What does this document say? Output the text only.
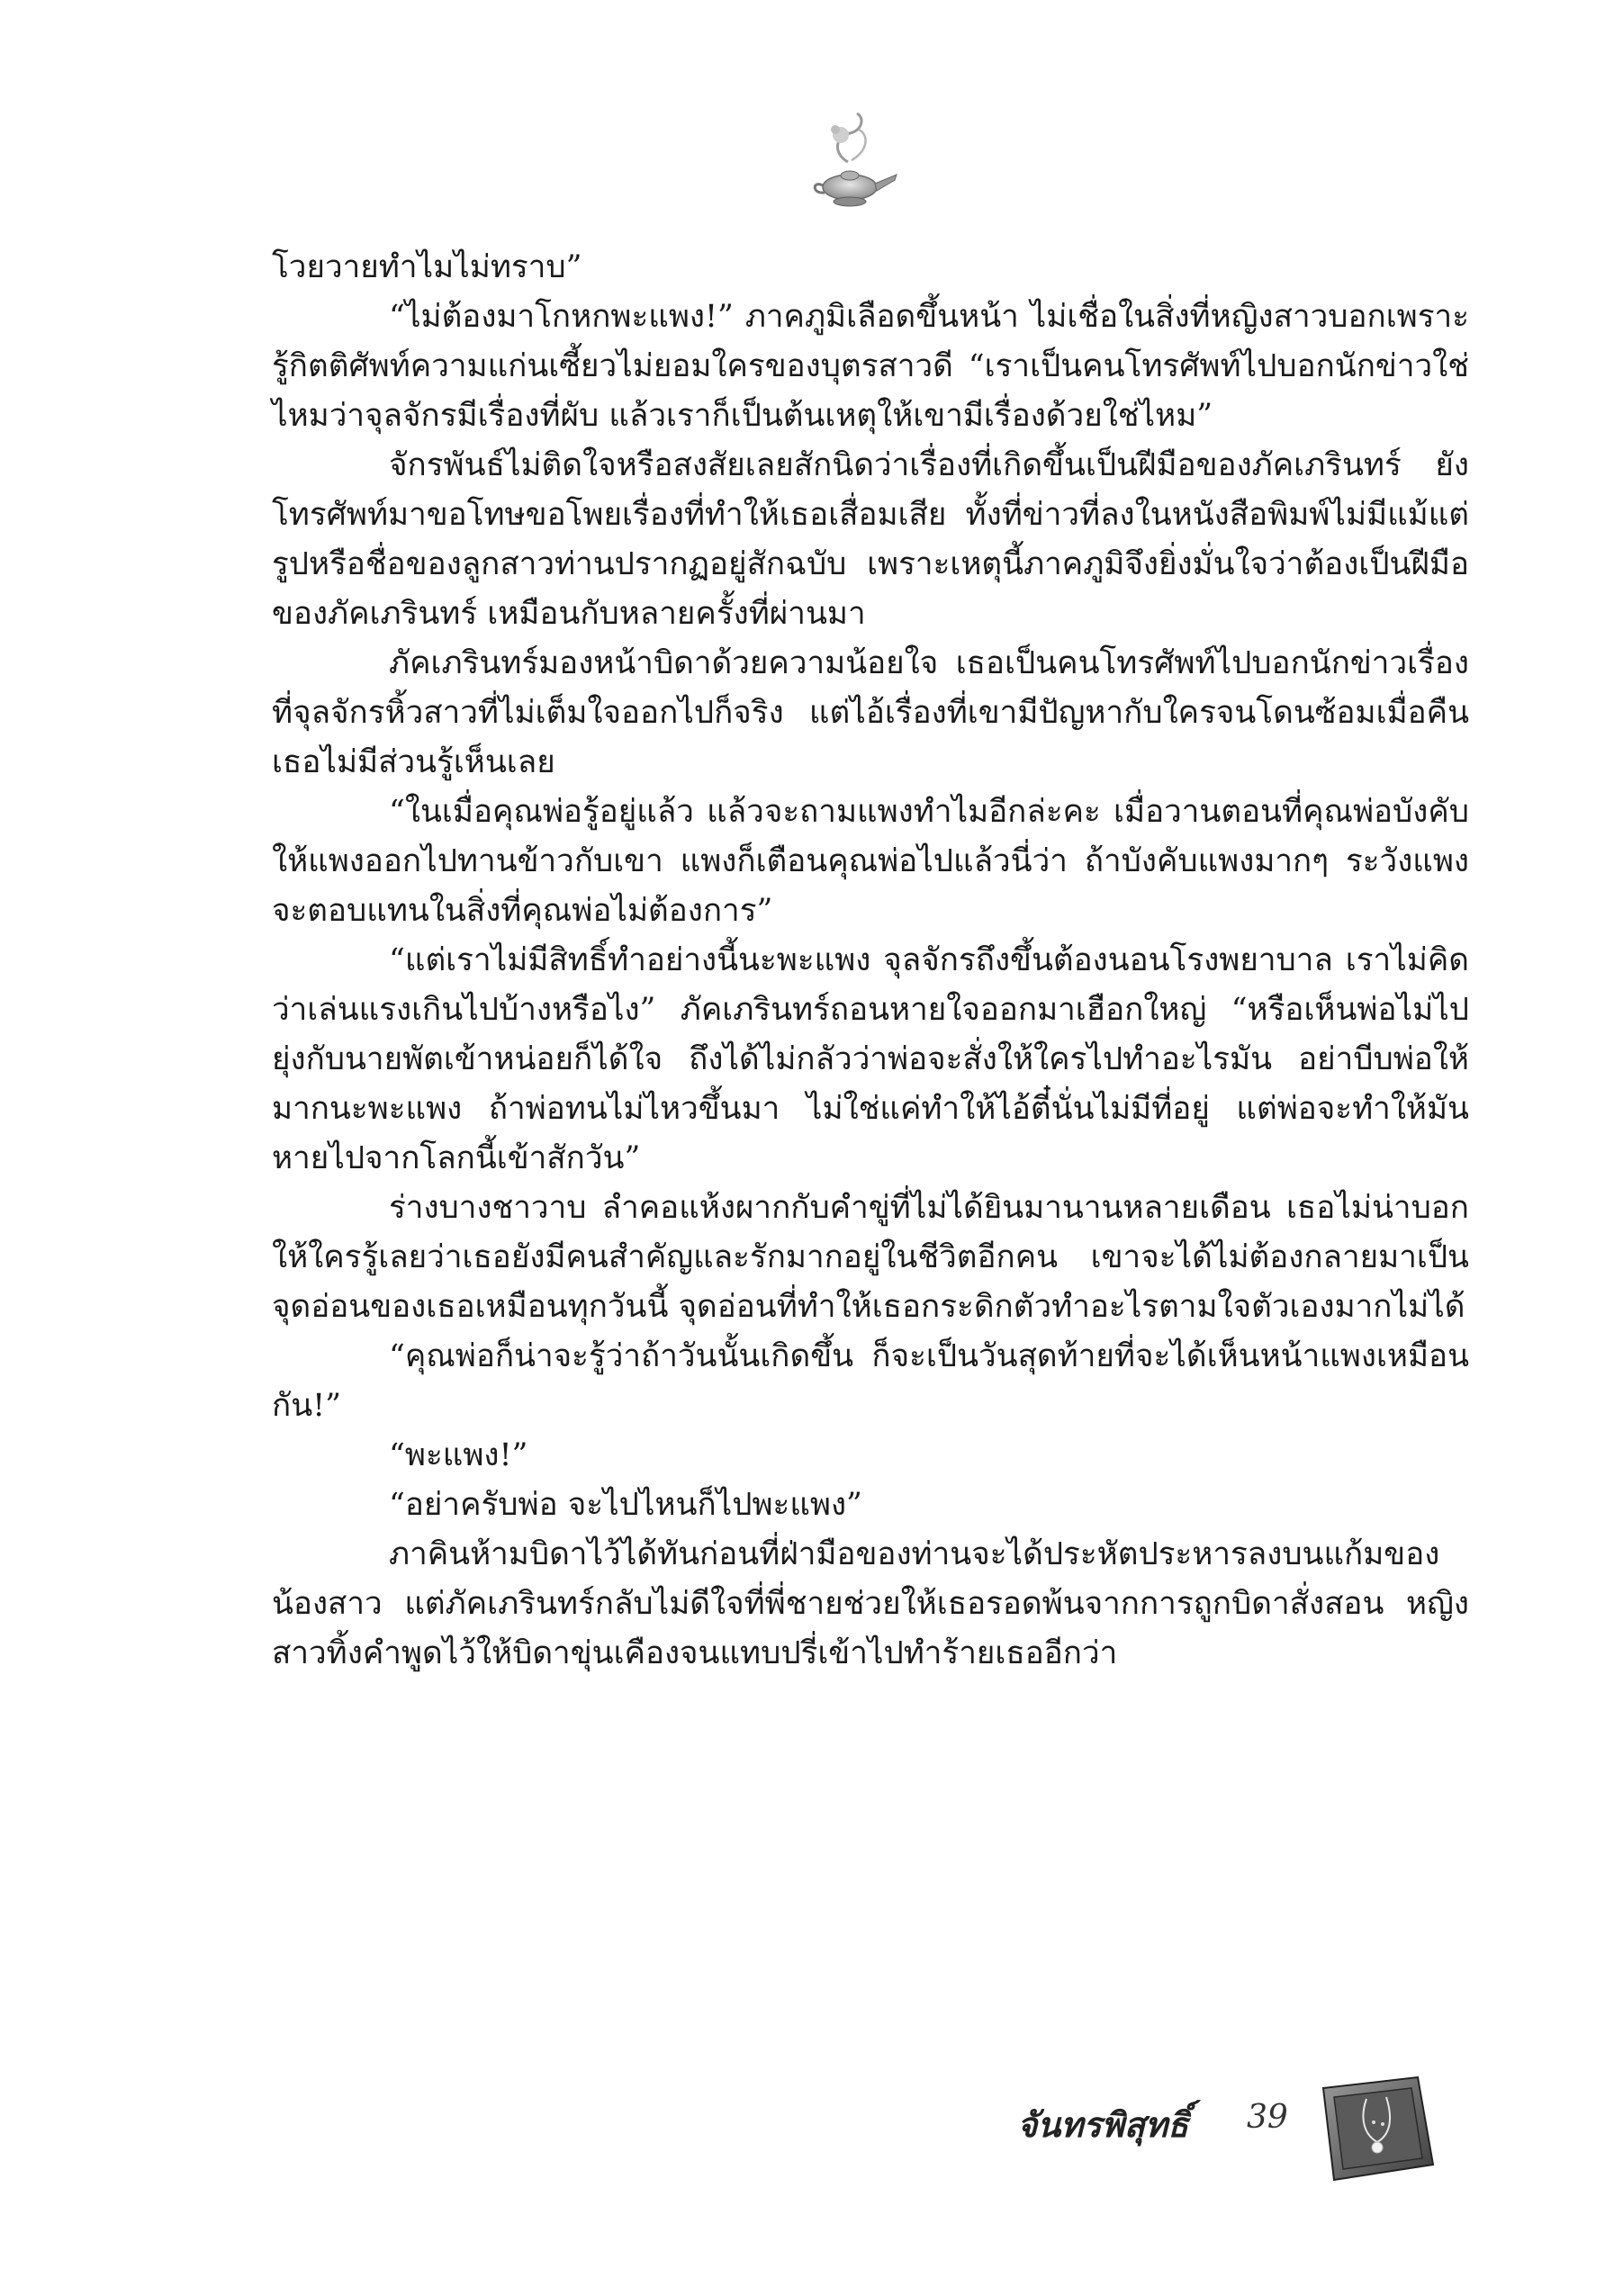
โวยวายทำไมไม่ทราบ”

“ไม่ต้องมาโกหกพะแพง!” ภาคภูมิเลือดขึ้นหน้า ไม่เชื่อในสิ่งที่หญิงสาวบอกเพราะรู้กิตติศัพท์ความแก่นเซี้ยวไม่ยอมใครของบุตรสาวดี “เราเป็นคนโทรศัพท์ไปบอกนักข่าวใช่ไหมว่าจุลจักรมีเรื่องที่ผับ แล้วเราก็เป็นต้นเหตุให้เขามีเรื่องด้วยใช่ไหม”

จักรพันธ์ไม่ติดใจหรือสงสัยเลยสักนิดว่าเรื่องที่เกิดขึ้นเป็นฝีมือของภัคเภรินทร์ ยังโทรศัพท์มาขอโทษขอโพยเรื่องที่ทำให้เธอเสื่อมเสีย ทั้งที่ข่าวที่ลงในหนังสือพิมพ์ไม่มีแม้แต่รูปหรือชื่อของลูกสาวท่านปรากฏอยู่สักฉบับ เพราะเหตุนี้ภาคภูมิจึงยิ่งมั่นใจว่าต้องเป็นฝีมือของภัคเภรินทร์ เหมือนกับหลายครั้งที่ผ่านมา

ภัคเภรินทร์มองหน้าบิดาด้วยความน้อยใจ เธอเป็นคนโทรศัพท์ไปบอกนักข่าวเรื่องที่จุลจักรหิ้วสาวที่ไม่เต็มใจออกไปก็จริง แต่ไอ้เรื่องที่เขามีปัญหากับใครจนโดนซ้อมเมื่อคืนเธอไม่มีส่วนรู้เห็นเลย

“ในเมื่อคุณพ่อรู้อยู่แล้ว แล้วจะถามแพงทำไมอีกล่ะคะ เมื่อวานตอนที่คุณพ่อบังคับให้แพงออกไปทานข้าวกับเขา แพงก็เตือนคุณพ่อไปแล้วนี่ว่า ถ้าบังคับแพงมากๆ ระวังแพงจะตอบแทนในสิ่งที่คุณพ่อไม่ต้องการ”

“แต่เราไม่มีสิทธิ์ทำอย่างนี้นะพะแพง จุลจักรถึงขึ้นต้องนอนโรงพยาบาล เราไม่คิดว่าเล่นแรงเกินไปบ้างหรือไง” ภัคเภรินทร์ถอนหายใจออกมาเฮือกใหญ่ “หรือเห็นพ่อไม่ไปยุ่งกับนายพัตเข้าหน่อยก็ได้ใจ ถึงได้ไม่กลัวว่าพ่อจะสั่งให้ใครไปทำอะไรมัน อย่าบีบพ่อให้มากนะพะแพง ถ้าพ่อทนไม่ไหวขึ้นมา ไม่ใช่แค่ทำให้ไอ้ตี๋นั่นไม่มีที่อยู่ แต่พ่อจะทำให้มันหายไปจากโลกนี้เข้าสักวัน”

ร่างบางชาวาบ ลำคอแห้งผากกับคำขู่ที่ไม่ได้ยินมานานหลายเดือน เธอไม่น่าบอกให้ใครรู้เลยว่าเธอยังมีคนสำคัญและรักมากอยู่ในชีวิตอีกคน เขาจะได้ไม่ต้องกลายมาเป็นจุดอ่อนของเธอเหมือนทุกวันนี้ จุดอ่อนที่ทำให้เธอกระดิกตัวทำอะไรตามใจตัวเองมากไม่ได้

“คุณพ่อก็น่าจะรู้ว่าถ้าวันนั้นเกิดขึ้น ก็จะเป็นวันสุดท้ายที่จะได้เห็นหน้าแพงเหมือนกัน!”

“พะแพง!”

“อย่าครับพ่อ จะไปไหนก็ไปพะแพง”

ภาคินห้ามบิดาไว้ได้ทันก่อนที่ฝ่ามือของท่านจะได้ประหัตประหารลงบนแก้มของน้องสาว แต่ภัคเภรินทร์กลับไม่ดีใจที่พี่ชายช่วยให้เธอรอดพ้นจากการถูกบิดาสั่งสอน หญิงสาวทิ้งคำพูดไว้ให้บิดาขุ่นเคืองจนแทบปรี่เข้าไปทำร้ายเธออีกว่า

จันทรพิสุทธิ์ 39
